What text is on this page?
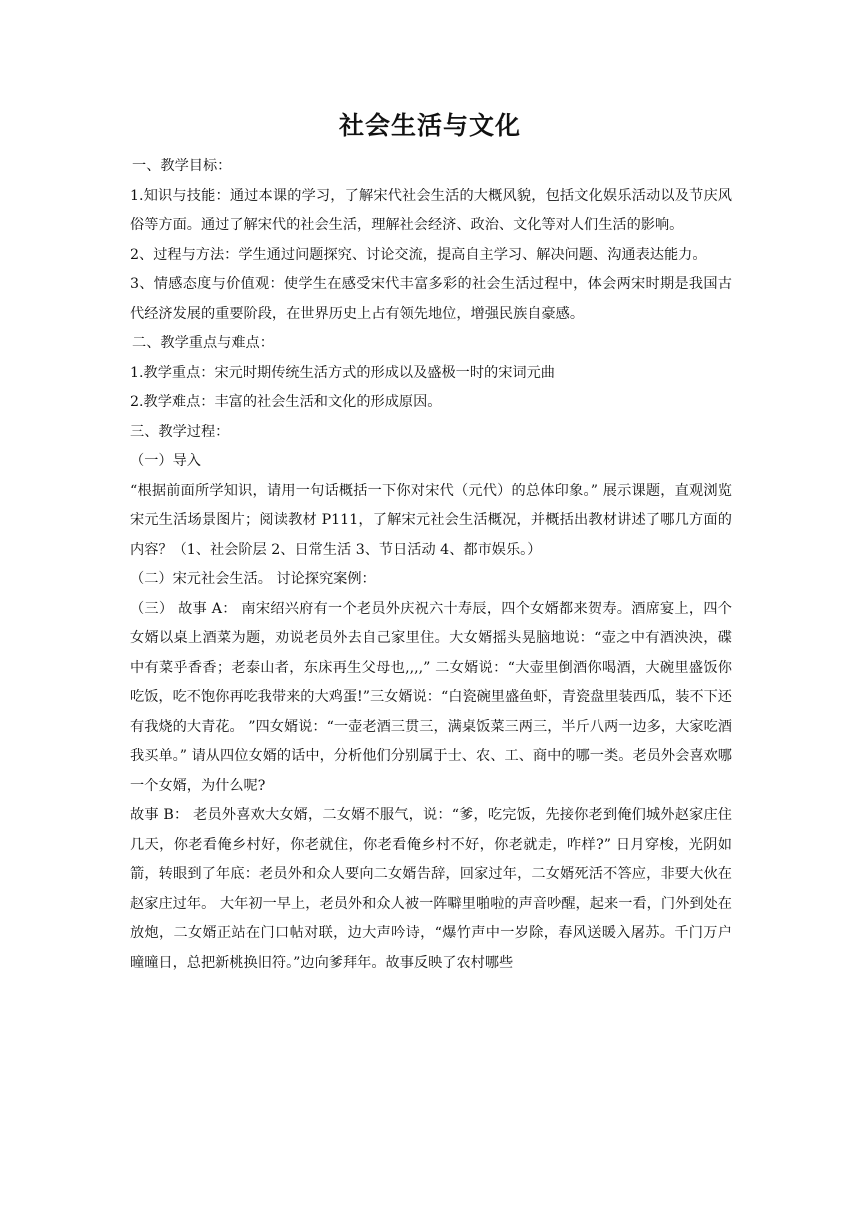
社会生活与文化

一、教学目标：

1.知识与技能：通过本课的学习，了解宋代社会生活的大概风貌，包括文化娱乐活动以及节庆风俗等方面。通过了解宋代的社会生活，理解社会经济、政治、文化等对人们生活的影响。

2、过程与方法：学生通过问题探究、讨论交流，提高自主学习、解决问题、沟通表达能力。

3、情感态度与价值观：使学生在感受宋代丰富多彩的社会生活过程中，体会两宋时期是我国古代经济发展的重要阶段，在世界历史上占有领先地位，增强民族自豪感。

二、教学重点与难点：

1.教学重点：宋元时期传统生活方式的形成以及盛极一时的宋词元曲

2.教学难点：丰富的社会生活和文化的形成原因。

三、教学过程：

（一）导入

“根据前面所学知识，请用一句话概括一下你对宋代（元代）的总体印象。” 展示课题，直观浏览宋元生活场景图片；阅读教材 P111，了解宋元社会生活概况，并概括出教材讲述了哪几方面的内容？（1、社会阶层 2、日常生活 3、节日活动 4、都市娱乐。）

（二）宋元社会生活。 讨论探究案例：

（三） 故事 A： 南宋绍兴府有一个老员外庆祝六十寿辰，四个女婿都来贺寿。酒席宴上，四个女婿以桌上酒菜为题，劝说老员外去自己家里住。大女婿摇头晃脑地说：“壶之中有酒泱泱，碟中有菜乎香香；老泰山者，东床再生父母也,,,,” 二女婿说：“大壶里倒酒你喝酒，大碗里盛饭你吃饭，吃不饱你再吃我带来的大鸡蛋!”三女婿说：“白瓷碗里盛鱼虾，青瓷盘里装西瓜，装不下还有我烧的大青花。 ”四女婿说：“一壶老酒三贯三，满桌饭菜三两三，半斤八两一边多，大家吃酒我买单。” 请从四位女婿的话中，分析他们分别属于士、农、工、商中的哪一类。老员外会喜欢哪一个女婿，为什么呢?

故事 B： 老员外喜欢大女婿，二女婿不服气，说：“爹，吃完饭，先接你老到俺们城外赵家庄住几天，你老看俺乡村好，你老就住，你老看俺乡村不好，你老就走，咋样?” 日月穿梭，光阴如箭，转眼到了年底：老员外和众人要向二女婿告辞，回家过年，二女婿死活不答应，非要大伙在赵家庄过年。 大年初一早上，老员外和众人被一阵噼里啪啦的声音吵醒，起来一看，门外到处在放炮，二女婿正站在门口帖对联，边大声吟诗，“爆竹声中一岁除，春风送暖入屠苏。千门万户曈曈日，总把新桃换旧符。”边向爹拜年。故事反映了农村哪些
